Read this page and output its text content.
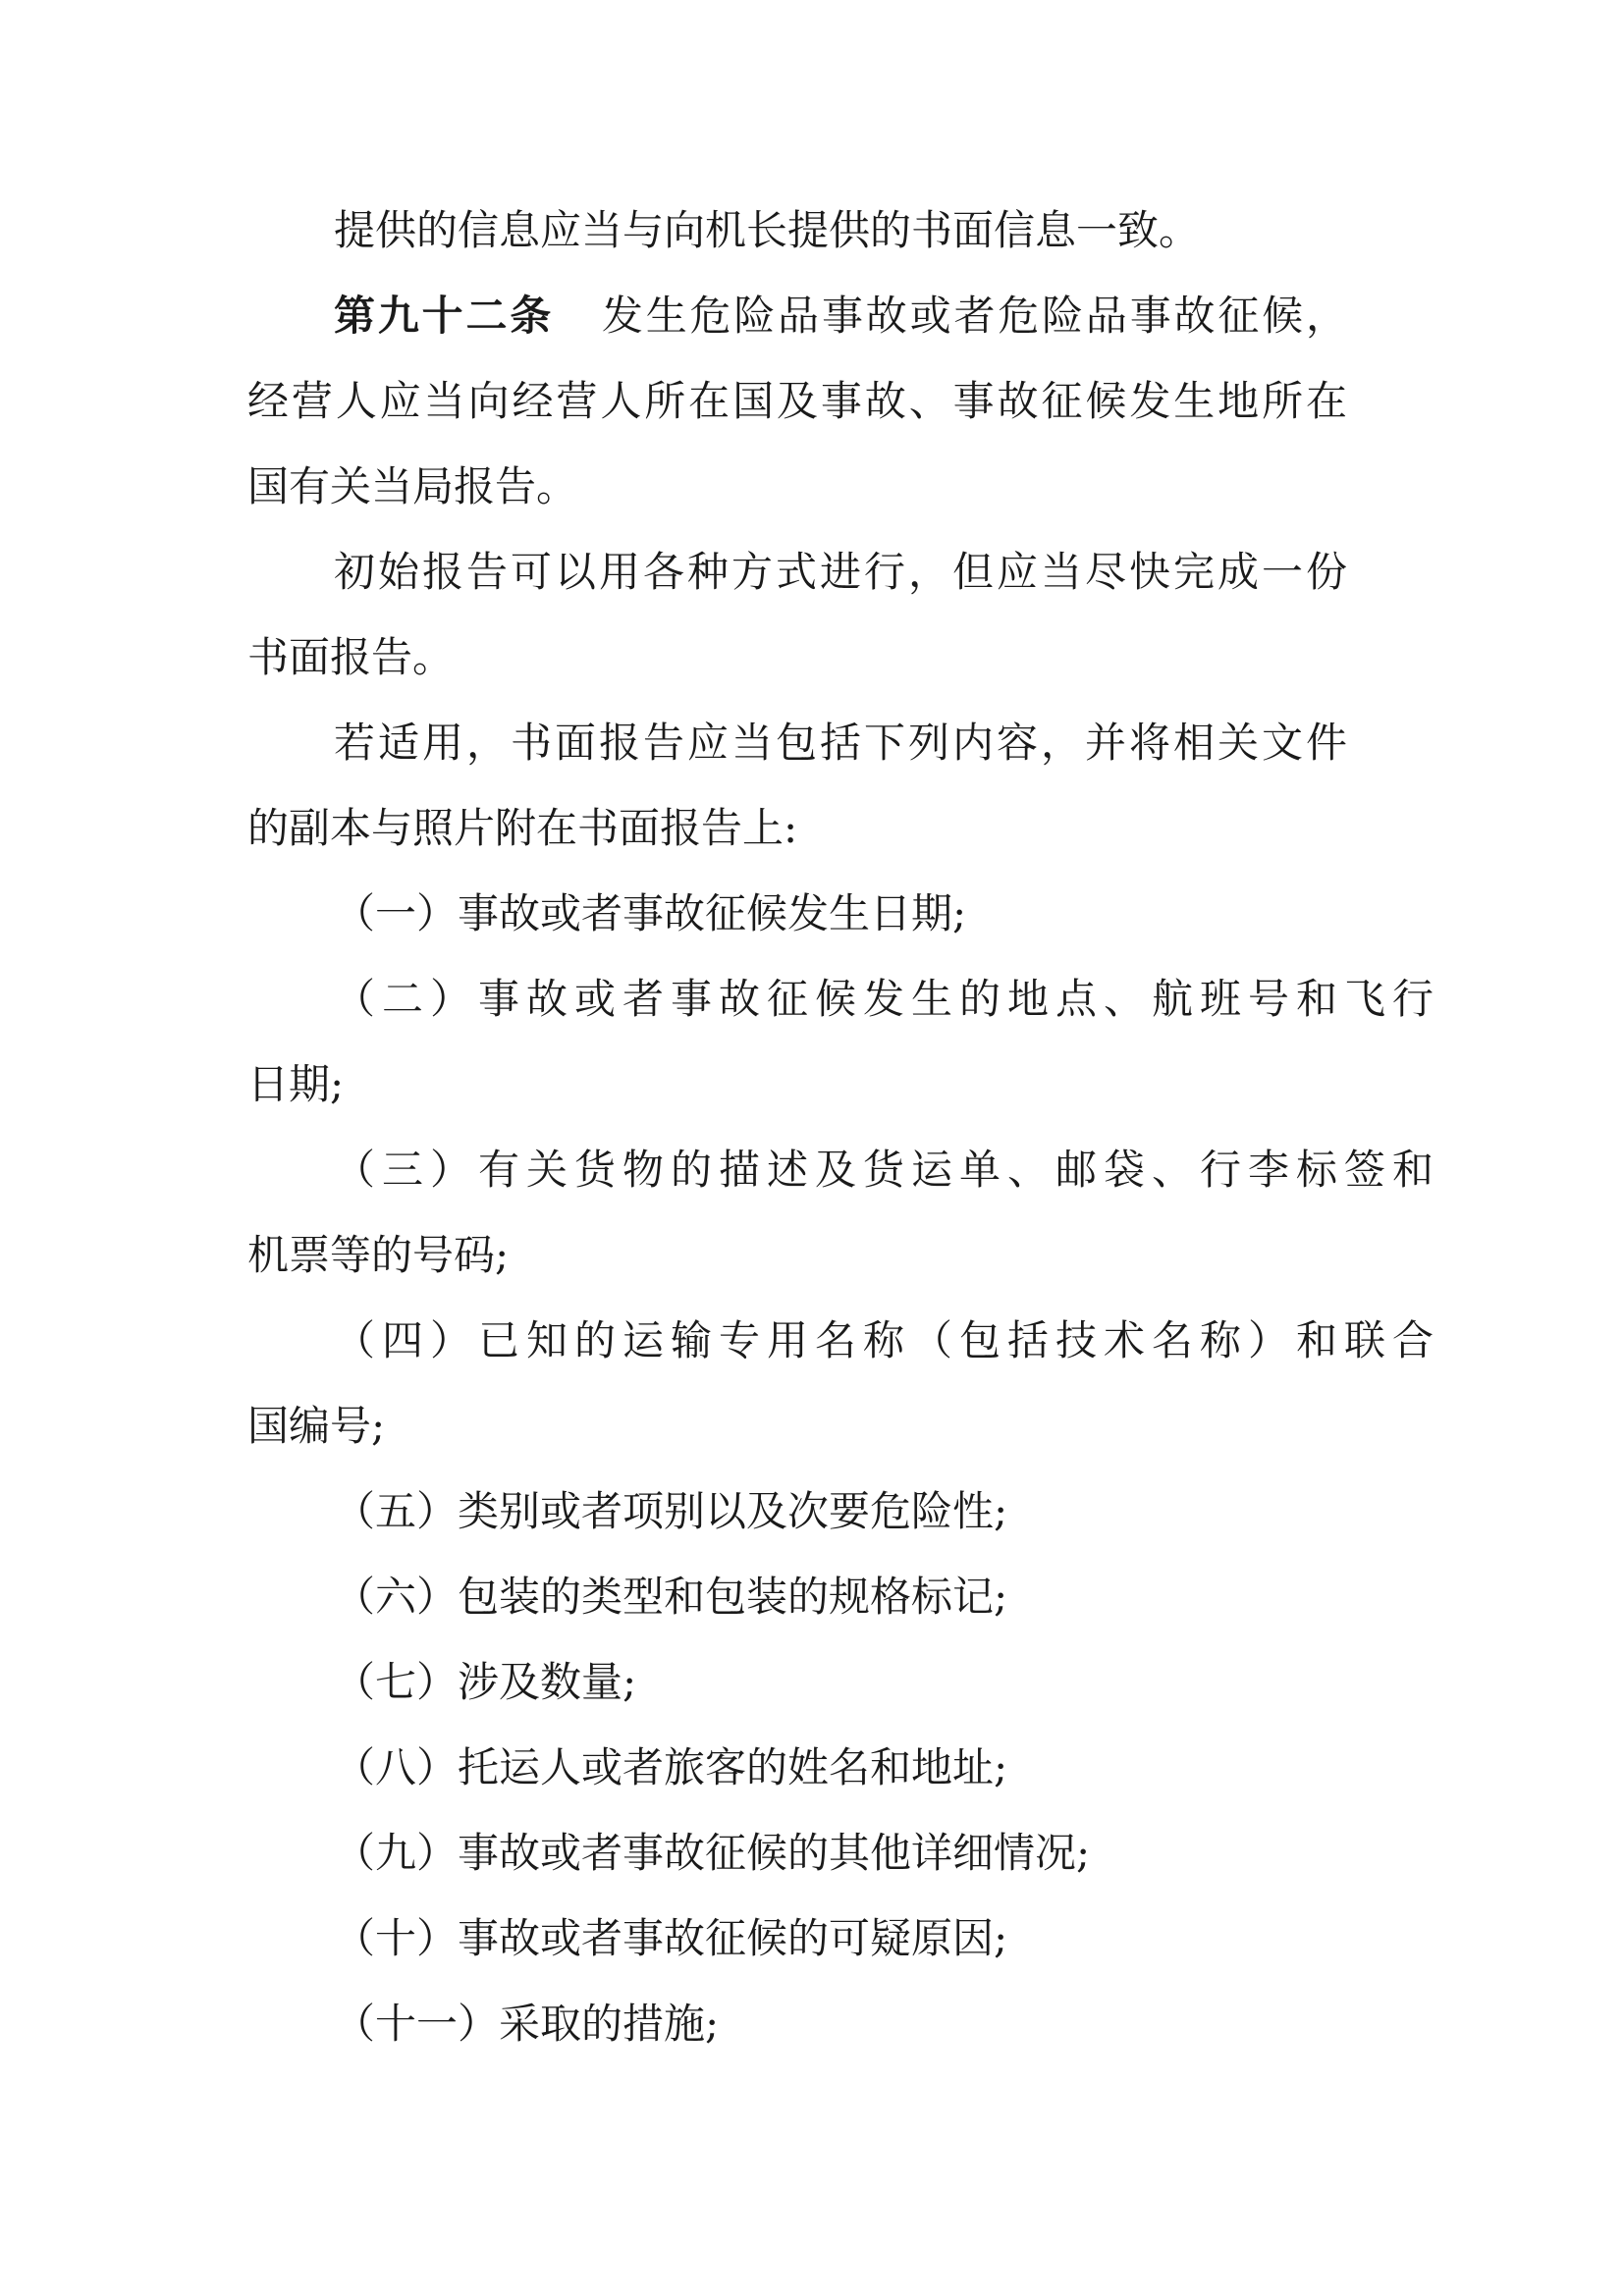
提供的信息应当与向机长提供的书面信息一致。
第九十二条 发生危险品事故或者危险品事故征候，
经营人应当向经营人所在国及事故、事故征候发生地所在
国有关当局报告。
初始报告可以用各种方式进行，但应当尽快完成一份
书面报告。
若适用，书面报告应当包括下列内容，并将相关文件
的副本与照片附在书面报告上:
（一）事故或者事故征候发生日期;
（二）事故或者事故征候发生的地点、航班号和飞行
日期;
（三）有关货物的描述及货运单、邮袋、行李标签和
机票等的号码;
（四）已知的运输专用名称（包括技术名称）和联合
国编号;
（五）类别或者项别以及次要危险性;
（六）包装的类型和包装的规格标记;
（七）涉及数量;
（八）托运人或者旅客的姓名和地址;
（九）事故或者事故征候的其他详细情况;
（十）事故或者事故征候的可疑原因;
（十一）采取的措施;
